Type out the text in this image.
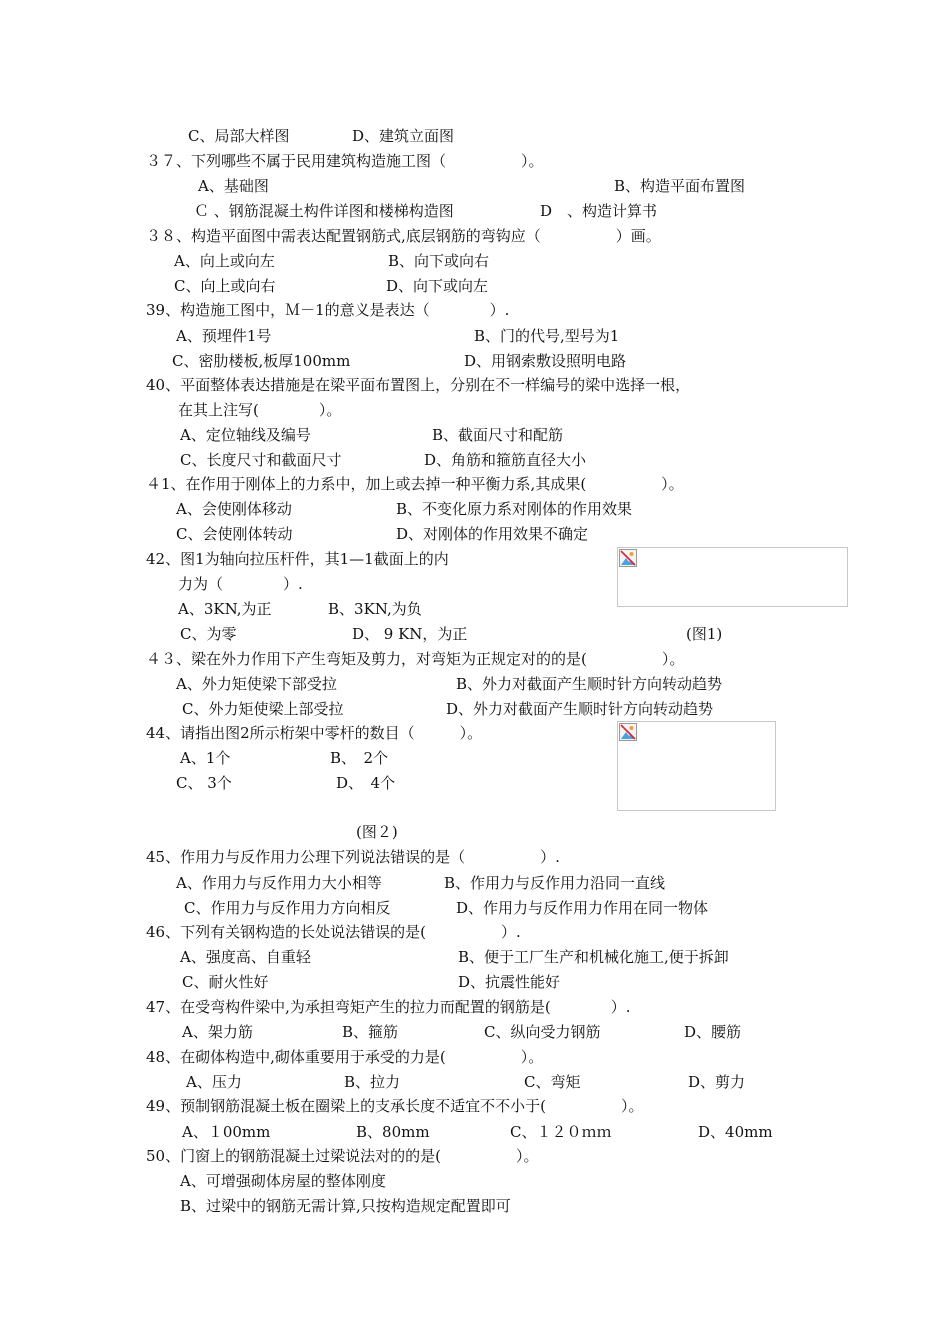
C、局部大样图	D、建筑立面图
３７、下列哪些不属于民用建筑构造施工图（　　　　　）。
A、基础图	B、构造平面布置图
Ｃ 、钢筋混凝土构件详图和楼梯构造图	D　、构造计算书
３８、构造平面图中需表达配置钢筋式,底层钢筋的弯钩应（　　　　　）画。
A、向上或向左	B、向下或向右
C、向上或向右	D、向下或向左
39、构造施工图中，Ｍ－1的意义是表达（　　　　）.
A、预埋件1号	B、门的代号,型号为1
C、密肋楼板,板厚100mm	D、用钢索敷设照明电路
40、平面整体表达措施是在梁平面布置图上，分别在不一样编号的梁中选择一根，
在其上注写(　　　　）。
A、定位轴线及编号	B、截面尺寸和配筋
C、长度尺寸和截面尺寸	D、角筋和箍筋直径大小
４1、在作用于刚体上的力系中，加上或去掉一种平衡力系,其成果(　　　　　）。
A、会使刚体移动	B、不变化原力系对刚体的作用效果
C、会使刚体转动	D、对刚体的作用效果不确定
42、图1为轴向拉压杆件，其1—1截面上的内
力为（　　　　）.
A、3KN,为正	B、3KN,为负
C、为零	D、 9 KN，为正	(图1)
４３、梁在外力作用下产生弯矩及剪力，对弯矩为正规定对的的是(　　　　　）。
A、外力矩使梁下部受拉	B、外力对截面产生顺时针方向转动趋势
C、外力矩使梁上部受拉	D、外力对截面产生顺时针方向转动趋势
44、请指出图2所示桁架中零杆的数目（　　　）。
A、1个	B、　2个
C、 3个	D、　4个
(图２)
45、作用力与反作用力公理下列说法错误的是（　　　　　）.
A、作用力与反作用力大小相等	B、作用力与反作用力沿同一直线
C、作用力与反作用力方向相反	D、作用力与反作用力作用在同一物体
46、下列有关钢构造的长处说法错误的是(　　　　　）.
A、强度高、自重轻	B、便于工厂生产和机械化施工,便于拆卸
C、耐火性好	D、抗震性能好
47、在受弯构件梁中,为承担弯矩产生的拉力而配置的钢筋是(　　　　）.
A、架力筋	B、箍筋	C、纵向受力钢筋	D、腰筋
48、在砌体构造中,砌体重要用于承受的力是(　　　　　）。
A、压力	B、拉力	C、弯矩	D、剪力
49、预制钢筋混凝土板在圈梁上的支承长度不适宜不不小于(　　　　　）。
A、１00mm	B、80mm	C、１２０ｍｍ	D、40mm
50、门窗上的钢筋混凝土过梁说法对的的是(　　　　　）。
A、可增强砌体房屋的整体刚度
B、过梁中的钢筋无需计算,只按构造规定配置即可
